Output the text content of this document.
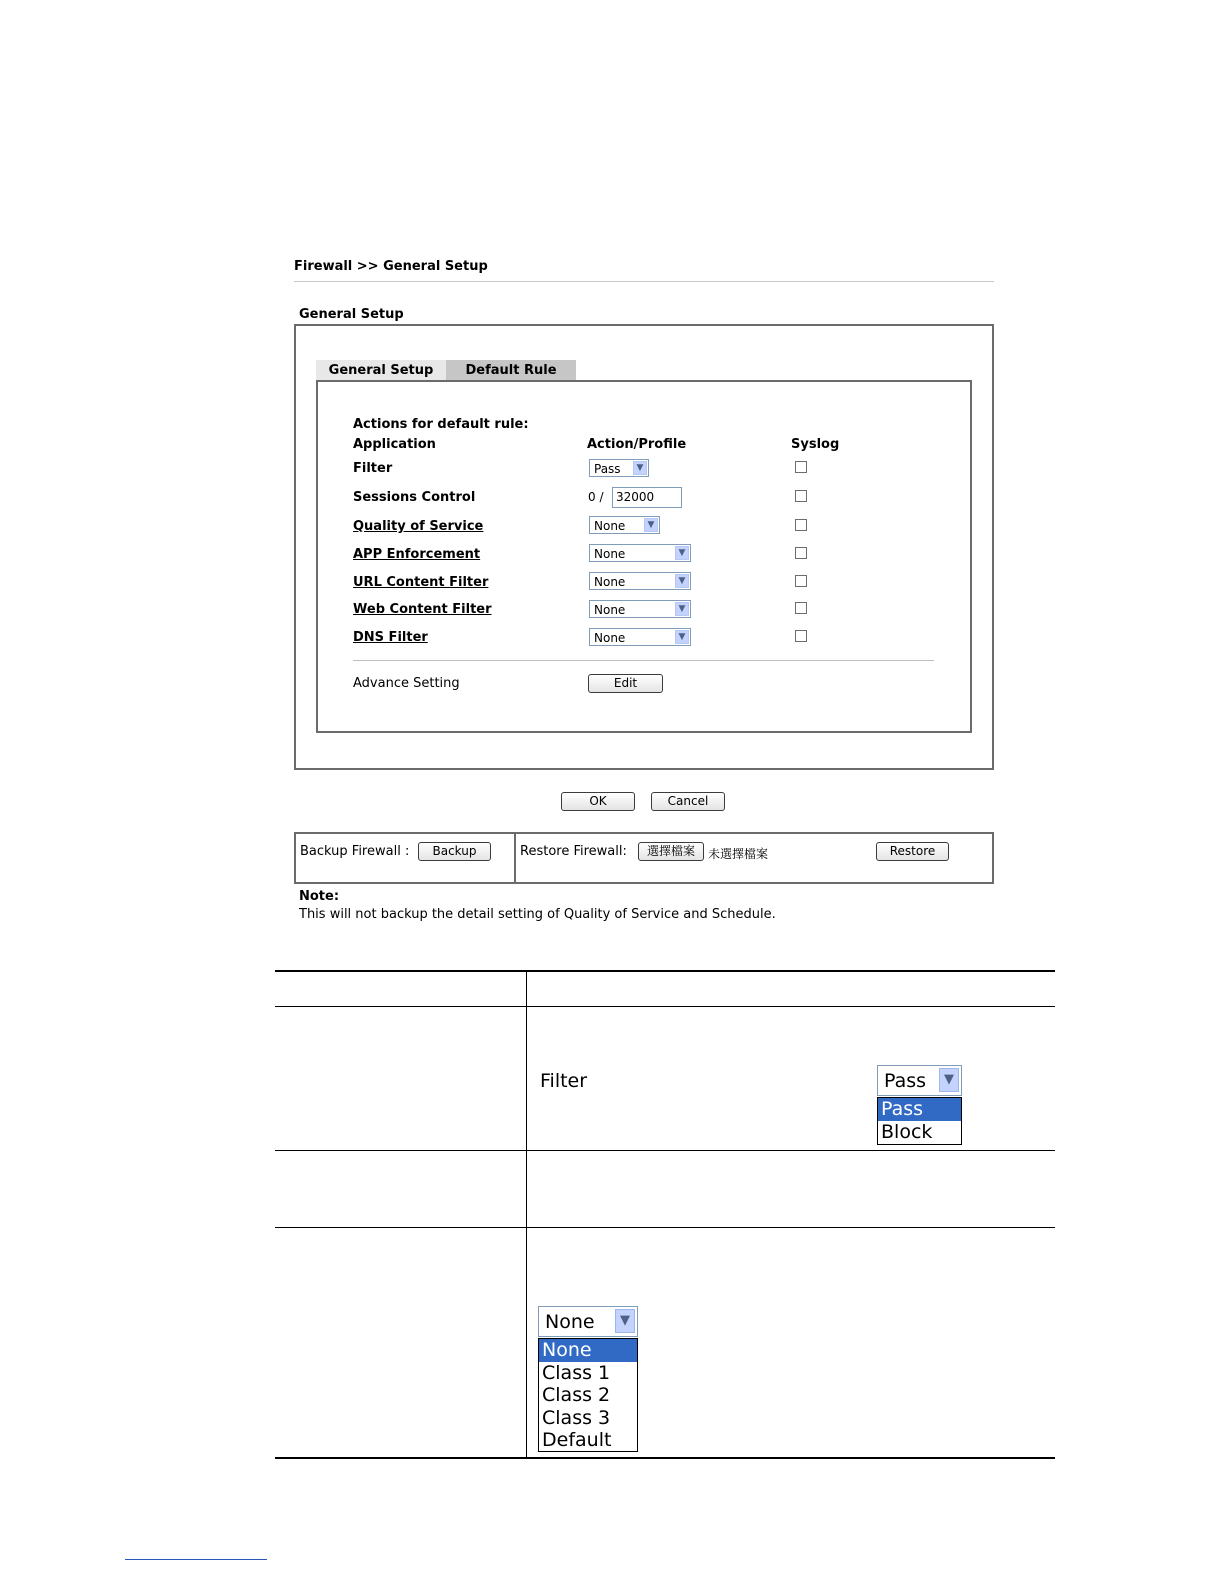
Firewall >> General Setup
General Setup
General Setup	Default Rule
Actions for default rule:
Application	Action/Profile	Syslog
Filter	Pass	▼
Sessions Control	0 /	32000
Quality of Service	None	▼
APP Enforcement	None	▼
URL Content Filter	None	▼
Web Content Filter	None	▼
DNS Filter	None	▼
Advance Setting	Edit
OK	Cancel
Backup Firewall :	Backup	Restore Firewall:	選擇檔案	未選擇檔案	Restore
Note:
This will not backup the detail setting of Quality of Service and Schedule.
Filter	Pass	▼
Pass
Block
None	▼
None
Class 1
Class 2
Class 3
Default
